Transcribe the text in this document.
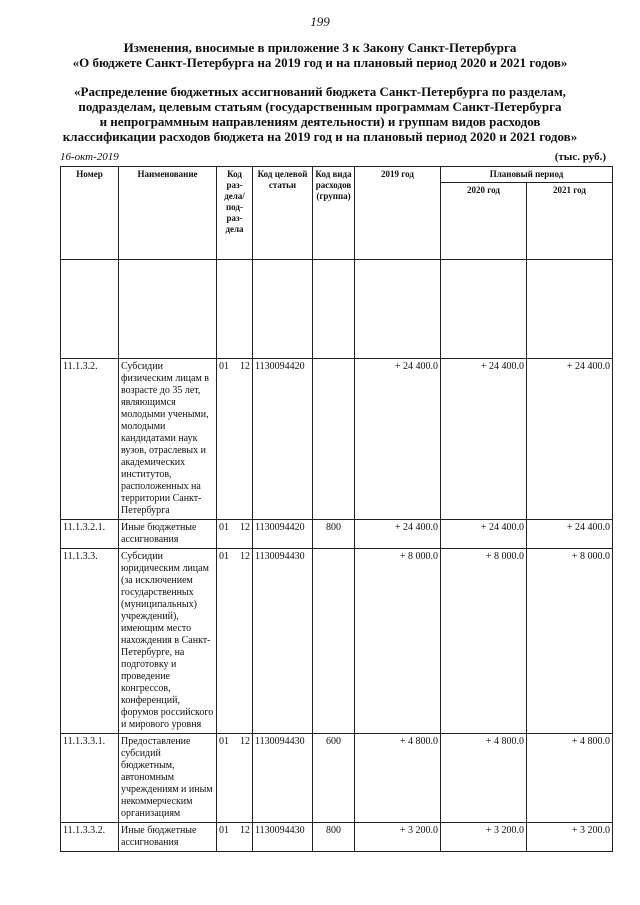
199
Изменения, вносимые в приложение 3 к Закону Санкт-Петербурга
«О бюджете Санкт-Петербурга на 2019 год и на плановый период 2020 и 2021 годов»
«Распределение бюджетных ассигнований бюджета Санкт-Петербурга по разделам,
подразделам, целевым статьям (государственным программам Санкт-Петербурга
и непрограммным направлениям деятельности) и группам видов расходов
классификации расходов бюджета на 2019 год и на плановый период 2020 и 2021 годов»
16-окт-2019	(тыс. руб.)
Номер	Наименование	Код раз-дела/ под-раз-дела		Код целевой статьи	Код вида расходов (группа)	2019 год	Плановый период	
							2020 год	2021 год

11.1.3.2.	Субсидии физическим лицам в возрасте до 35 лет, являющимся молодыми учеными, молодыми кандидатами наук вузов, отраслевых и академических институтов, расположенных на территории Санкт-Петербурга	01	12	1130094420		+ 24 400.0	+ 24 400.0	+ 24 400.0
11.1.3.2.1.	Иные бюджетные ассигнования	01	12	1130094420	800	+ 24 400.0	+ 24 400.0	+ 24 400.0
11.1.3.3.	Субсидии юридическим лицам (за исключением государственных (муниципальных) учреждений), имеющим место нахождения в Санкт-Петербурге, на подготовку и проведение конгрессов, конференций, форумов российского и мирового уровня	01	12	1130094430		+ 8 000.0	+ 8 000.0	+ 8 000.0
11.1.3.3.1.	Предоставление субсидий бюджетным, автономным учреждениям и иным некоммерческим организациям	01	12	1130094430	600	+ 4 800.0	+ 4 800.0	+ 4 800.0
11.1.3.3.2.	Иные бюджетные ассигнования	01	12	1130094430	800	+ 3 200.0	+ 3 200.0	+ 3 200.0
